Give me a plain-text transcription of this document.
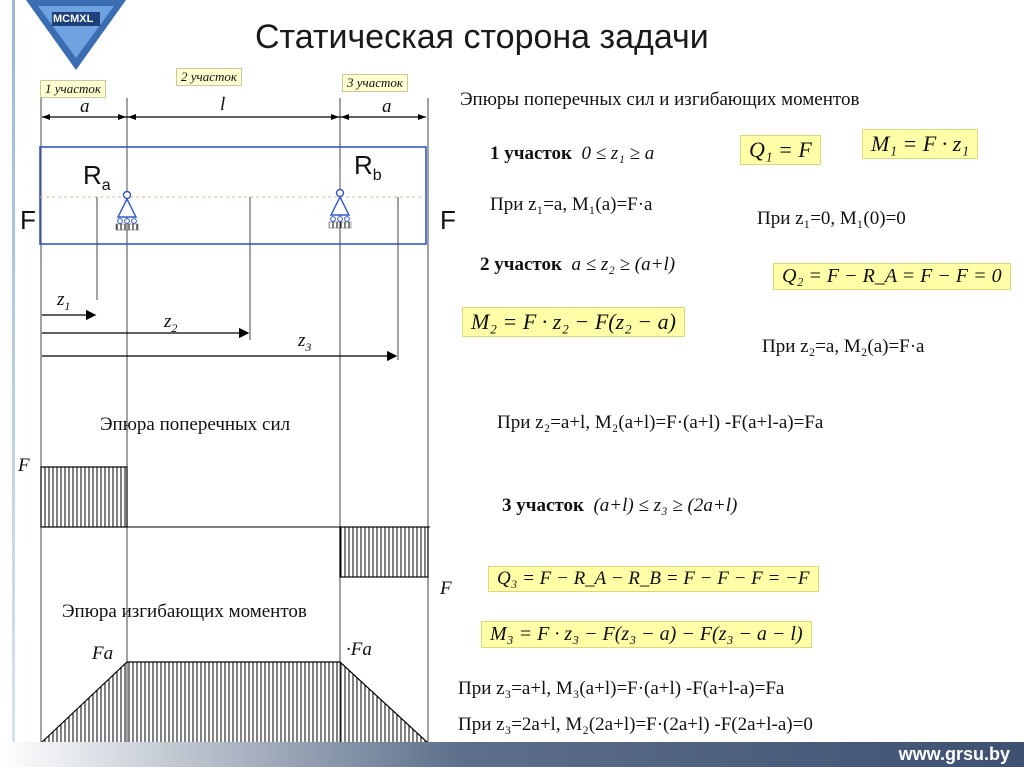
MCMXL	Статическая сторона задачи
1 участок
2 участок	3 участок
a	l	a
$R_a$
$R_b$
F	F
$z_1$
$z_2$
$z_3$
Эпюра поперечных сил
F
F
Эпюра изгибающих моментов
Fa	·Fa
Эпюры поперечных сил и изгибающих моментов
1 участок 0 ≤ z₁ ≥ a	Q₁ = F	M₁ = F · z₁
При z₁=a, M₁(a)=F·a
При z₁=0, M₁(0)=0
2 участок a ≤ z₂ ≥ (a+l)
Q₂ = F − R_A = F − F = 0
M₂ = F · z₂ − F(z₂ − a)
При z₂=a, M₂(a)=F·a
При z₂=a+l, M₂(a+l)=F·(a+l) -F(a+l-a)=Fa
3 участок (a+l) ≤ z₃ ≥ (2a+l)
Q₃ = F − R_A − R_B = F − F − F = −F
M₃ = F · z₃ − F(z₃ − a) − F(z₃ − a − l)
При z₃=a+l, M₃(a+l)=F·(a+l) -F(a+l-a)=Fa
При z₃=2a+l, M₂(2a+l)=F·(2a+l) -F(2a+l-a)=0
www.grsu.by
